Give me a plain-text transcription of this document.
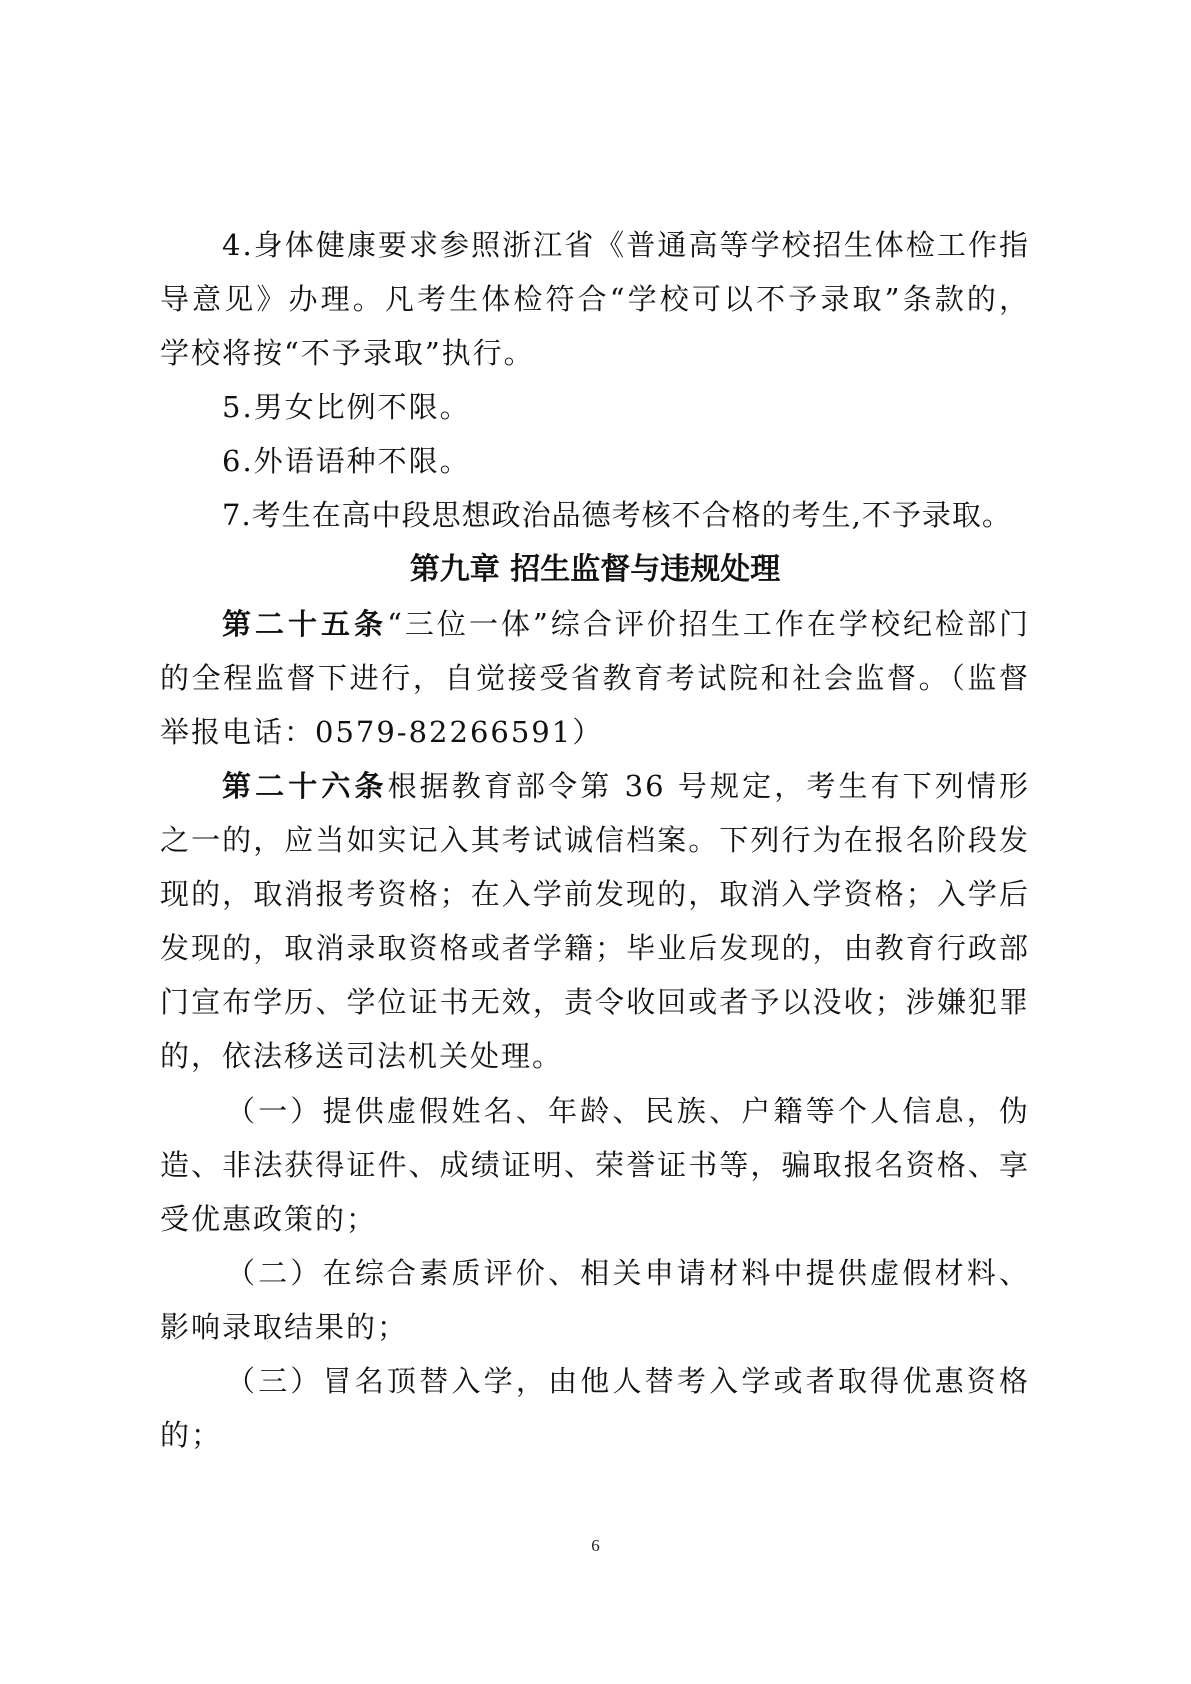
4.身体健康要求参照浙江省《普通高等学校招生体检工作指导意见》办理。凡考生体检符合“学校可以不予录取”条款的，学校将按“不予录取”执行。

5.男女比例不限。

6.外语语种不限。

7.考生在高中段思想政治品德考核不合格的考生,不予录取。

第九章 招生监督与违规处理

第二十五条“三位一体”综合评价招生工作在学校纪检部门的全程监督下进行，自觉接受省教育考试院和社会监督。（监督举报电话：0579-82266591）

第二十六条根据教育部令第 36 号规定，考生有下列情形之一的，应当如实记入其考试诚信档案。下列行为在报名阶段发现的，取消报考资格；在入学前发现的，取消入学资格；入学后发现的，取消录取资格或者学籍；毕业后发现的，由教育行政部门宣布学历、学位证书无效，责令收回或者予以没收；涉嫌犯罪的，依法移送司法机关处理。

（一）提供虚假姓名、年龄、民族、户籍等个人信息，伪造、非法获得证件、成绩证明、荣誉证书等，骗取报名资格、享受优惠政策的；

（二）在综合素质评价、相关申请材料中提供虚假材料、影响录取结果的；

（三）冒名顶替入学，由他人替考入学或者取得优惠资格的；

6
